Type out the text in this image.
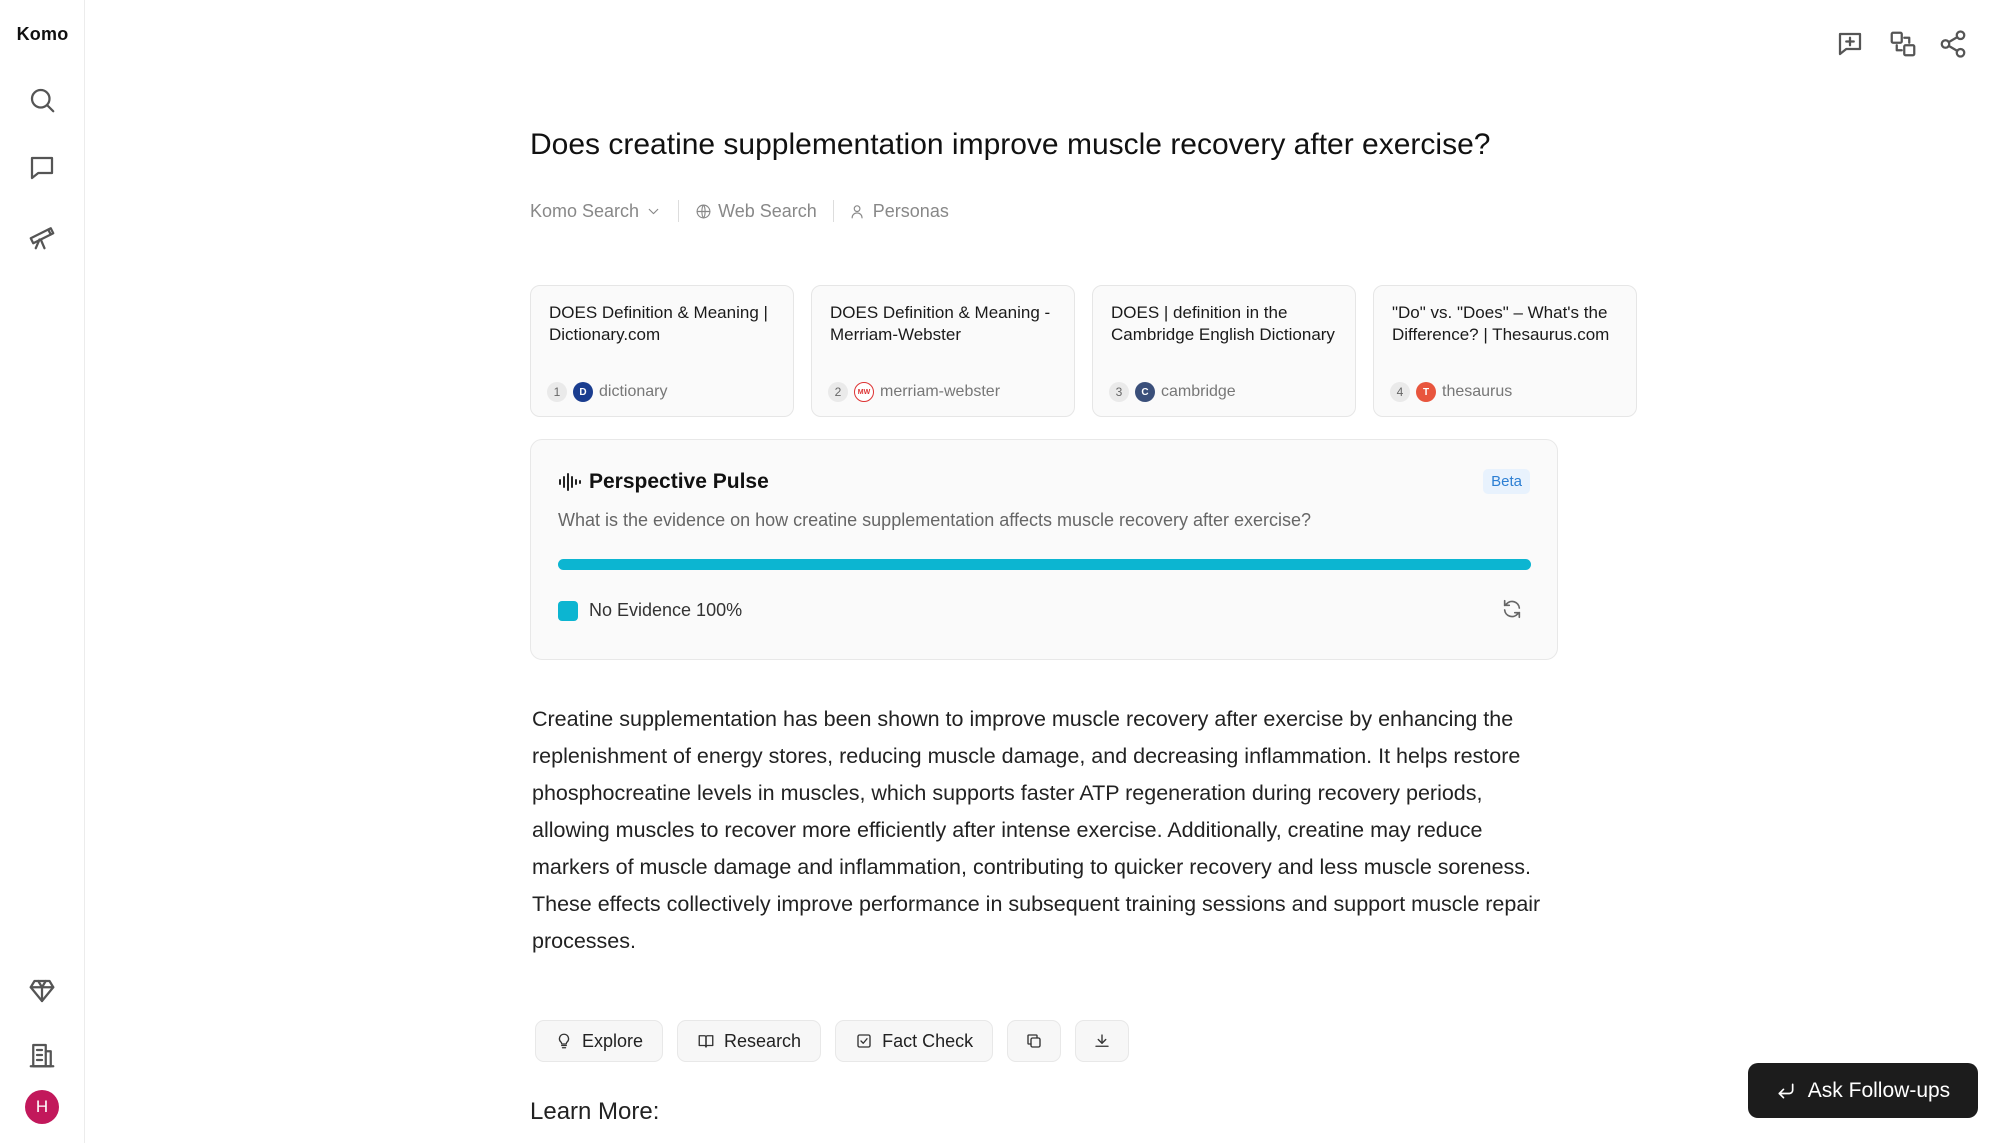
Komo
H
Does creatine supplementation improve muscle recovery after exercise?
Komo Search	Web Search	Personas
DOES Definition & Meaning | Dictionary.com
1	D dictionary
DOES Definition & Meaning - Merriam-Webster
2	MW merriam-webster
DOES | definition in the Cambridge English Dictionary
3	C cambridge
"Do" vs. "Does" – What's the Difference? | Thesaurus.com
4	T thesaurus
Perspective Pulse	Beta
What is the evidence on how creatine supplementation affects muscle recovery after exercise?
No Evidence 100%
Creatine supplementation has been shown to improve muscle recovery after exercise by enhancing the replenishment of energy stores, reducing muscle damage, and decreasing inflammation. It helps restore phosphocreatine levels in muscles, which supports faster ATP regeneration during recovery periods, allowing muscles to recover more efficiently after intense exercise. Additionally, creatine may reduce markers of muscle damage and inflammation, contributing to quicker recovery and less muscle soreness. These effects collectively improve performance in subsequent training sessions and support muscle repair processes.
Explore	Research	Fact Check
Learn More:
Ask Follow-ups
